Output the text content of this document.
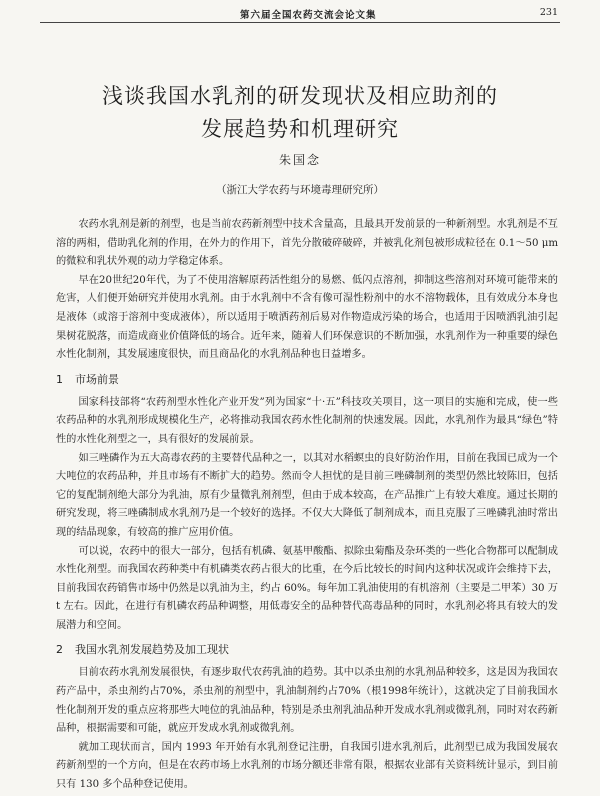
第六届全国农药交流会论文集	231
浅谈我国水乳剂的研发现状及相应助剂的
发展趋势和机理研究
朱国念
（浙江大学农药与环境毒理研究所）

农药水乳剂是新的剂型，也是当前农药新剂型中技术含量高，且最具开发前景的一种新剂型。水乳剂是不互溶的两相，借助乳化剂的作用，在外力的作用下，首先分散破碎破碎，并被乳化剂包被形成粒径在 0.1～50 μm 的微粒和乳状外观的动力学稳定体系。

早在20世纪20年代，为了不使用溶解原药活性组分的易燃、低闪点溶剂，抑制这些溶剂对环境可能带来的危害，人们便开始研究并使用水乳剂。由于水乳剂中不含有像可湿性粉剂中的水不溶物载体，且有效成分本身也是液体（或溶于溶剂中变成液体），所以适用于喷洒药剂后易对作物造成污染的场合，也适用于因喷洒乳油引起果树花脱落，而造成商业价值降低的场合。近年来，随着人们环保意识的不断加强，水乳剂作为一种重要的绿色水性化制剂，其发展速度很快，而且商品化的水乳剂品种也日益增多。

1 市场前景

国家科技部将“农药剂型水性化产业开发”列为国家“十·五”科技攻关项目，这一项目的实施和完成，使一些农药品种的水乳剂形成规模化生产，必将推动我国农药水性化制剂的快速发展。因此，水乳剂作为最具“绿色”特性的水性化剂型之一，具有很好的发展前景。

如三唑磷作为五大高毒农药的主要替代品种之一，以其对水稻螟虫的良好防治作用，目前在我国已成为一个大吨位的农药品种，并且市场有不断扩大的趋势。然而令人担忧的是目前三唑磷制剂的类型仍然比较陈旧，包括它的复配制剂绝大部分为乳油，原有少量微乳剂剂型，但由于成本较高，在产品推广上有较大难度。通过长期的研究发现，将三唑磷制成水乳剂乃是一个较好的选择。不仅大大降低了制剂成本，而且克服了三唑磷乳油时常出现的结晶现象，有较高的推广应用价值。

可以说，农药中的很大一部分，包括有机磷、氨基甲酸酯、拟除虫菊酯及杂环类的一些化合物都可以配制成水性化剂型。而我国农药种类中有机磷类农药占很大的比重，在今后比较长的时间内这种状况或许会维持下去，目前我国农药销售市场中仍然是以乳油为主，约占 60%。每年加工乳油使用的有机溶剂（主要是二甲苯）30 万 t 左右。因此，在进行有机磷农药品种调整，用低毒安全的品种替代高毒品种的同时，水乳剂必将具有较大的发展潜力和空间。

2 我国水乳剂发展趋势及加工现状

目前农药水乳剂发展很快，有逐步取代农药乳油的趋势。其中以杀虫剂的水乳剂品种较多，这是因为我国农药产品中，杀虫剂约占70%，杀虫剂的剂型中，乳油制剂约占70%（根1998年统计），这就决定了目前我国水性化制剂开发的重点应将那些大吨位的乳油品种，特别是杀虫剂乳油品种开发成水乳剂或微乳剂，同时对农药新品种，根据需要和可能，就应开发成水乳剂或微乳剂。

就加工现状而言，国内 1993 年开始有水乳剂登记注册，自我国引进水乳剂后，此剂型已成为我国发展农药新剂型的一个方向，但是在农药市场上水乳剂的市场分额还非常有限，根据农业部有关资料统计显示，到目前只有 130 多个品种登记使用。
